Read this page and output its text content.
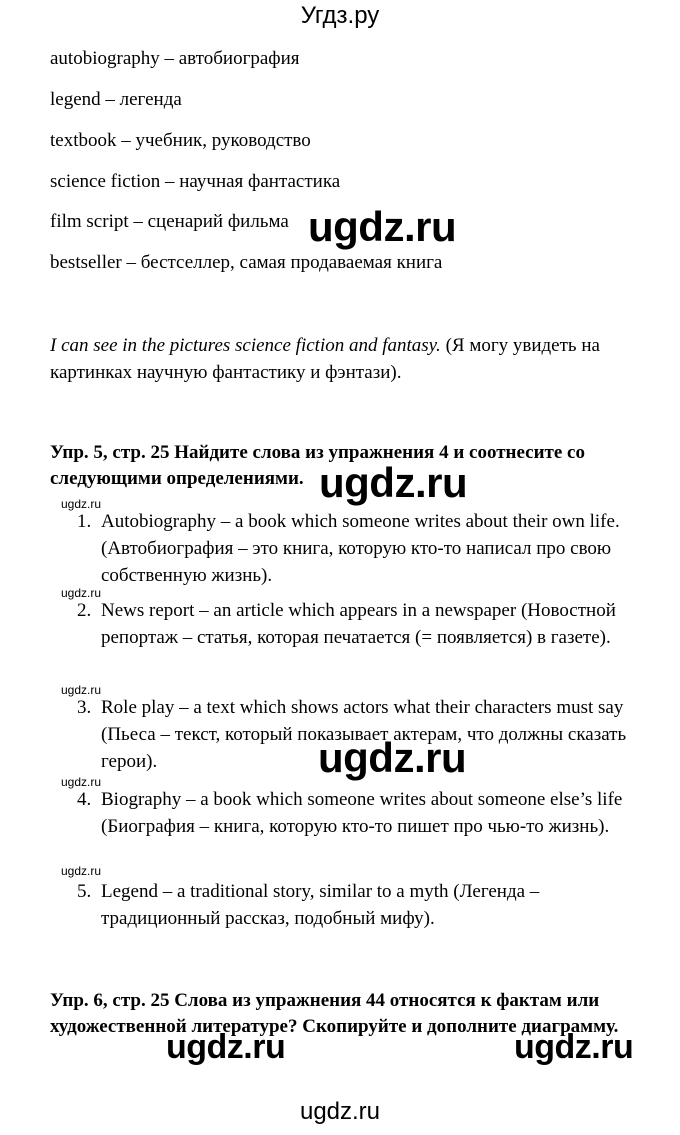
Угдз.ру
autobiography – автобиография
legend – легенда
textbook – учебник, руководство
science fiction – научная фантастика
film script – сценарий фильма
bestseller – бестселлер, самая продаваемая книга
I can see in the pictures science fiction and fantasy. (Я могу увидеть на картинках научную фантастику и фэнтази).
Упр. 5, стр. 25 Найдите слова из упражнения 4 и соотнесите со следующими определениями.
ugdz.ru
1. Autobiography – a book which someone writes about their own life. (Автобиография – это книга, которую кто-то написал про свою собственную жизнь).
ugdz.ru
2. News report – an article which appears in a newspaper (Новостной репортаж – статья, которая печатается (= появляется) в газете).
ugdz.ru
3. Role play – a text which shows actors what their characters must say (Пьеса – текст, который показывает актерам, что должны сказать герои).
ugdz.ru
4. Biography – a book which someone writes about someone else’s life (Биография – книга, которую кто-то пишет про чью-то жизнь).
ugdz.ru
5. Legend – a traditional story, similar to a myth (Легенда – традиционный рассказ, подобный мифу).
Упр. 6, стр. 25 Слова из упражнения 44 относятся к фактам или художественной литературе? Скопируйте и дополните диаграмму.
ugdz.ru
ugdz.ru
ugdz.ru
ugdz.ru	ugdz.ru
ugdz.ru
